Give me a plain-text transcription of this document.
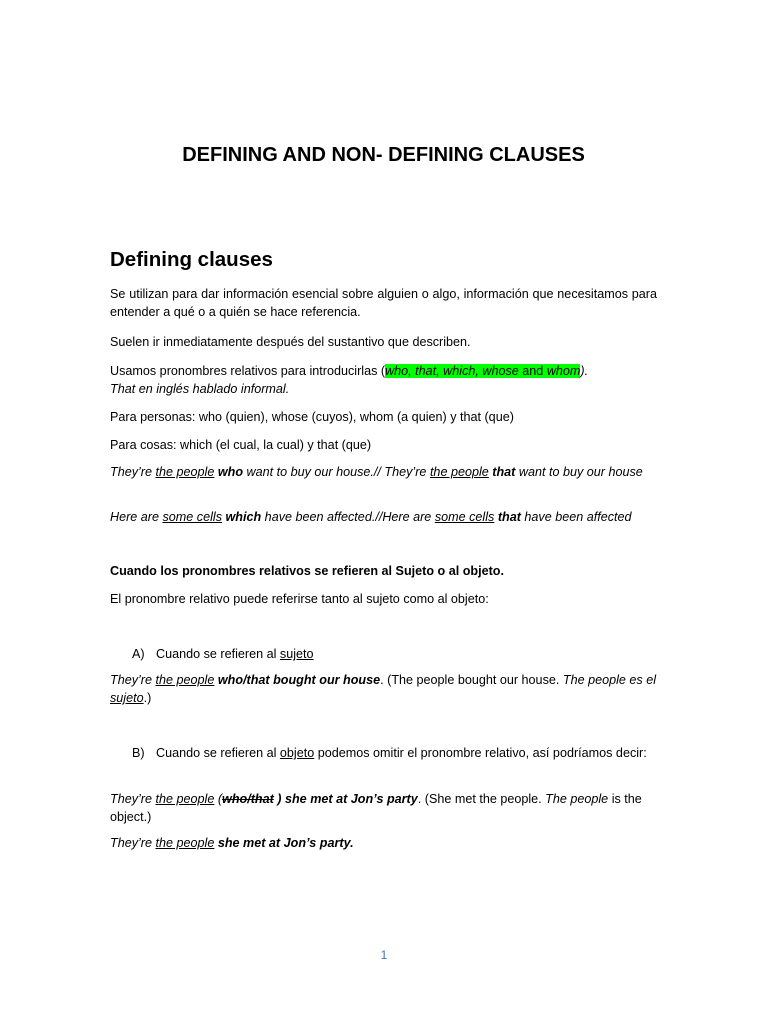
DEFINING AND NON- DEFINING CLAUSES
Defining clauses

Se utilizan para dar información esencial sobre alguien o algo, información que necesitamos para entender a qué o a quién se hace referencia.

Suelen ir inmediatamente después del sustantivo que describen.

Usamos pronombres relativos para introducirlas (who, that, which, whose and whom).
That en inglés hablado informal.

Para personas: who (quien), whose (cuyos), whom (a quien) y that (que)

Para cosas: which (el cual, la cual) y that (que)

They’re the people who want to buy our house.// They’re the people that want to buy our house

Here are some cells which have been affected.//Here are some cells that have been affected

Cuando los pronombres relativos se refieren al Sujeto o al objeto.

El pronombre relativo puede referirse tanto al sujeto como al objeto:

A) Cuando se refieren al sujeto

They’re the people who/that bought our house. (The people bought our house. The people es el sujeto.)

B) Cuando se refieren al objeto podemos omitir el pronombre relativo, así podríamos decir:

They’re the people (who/that ) she met at Jon’s party. (She met the people. The people is the object.)

They’re the people she met at Jon’s party.

1
